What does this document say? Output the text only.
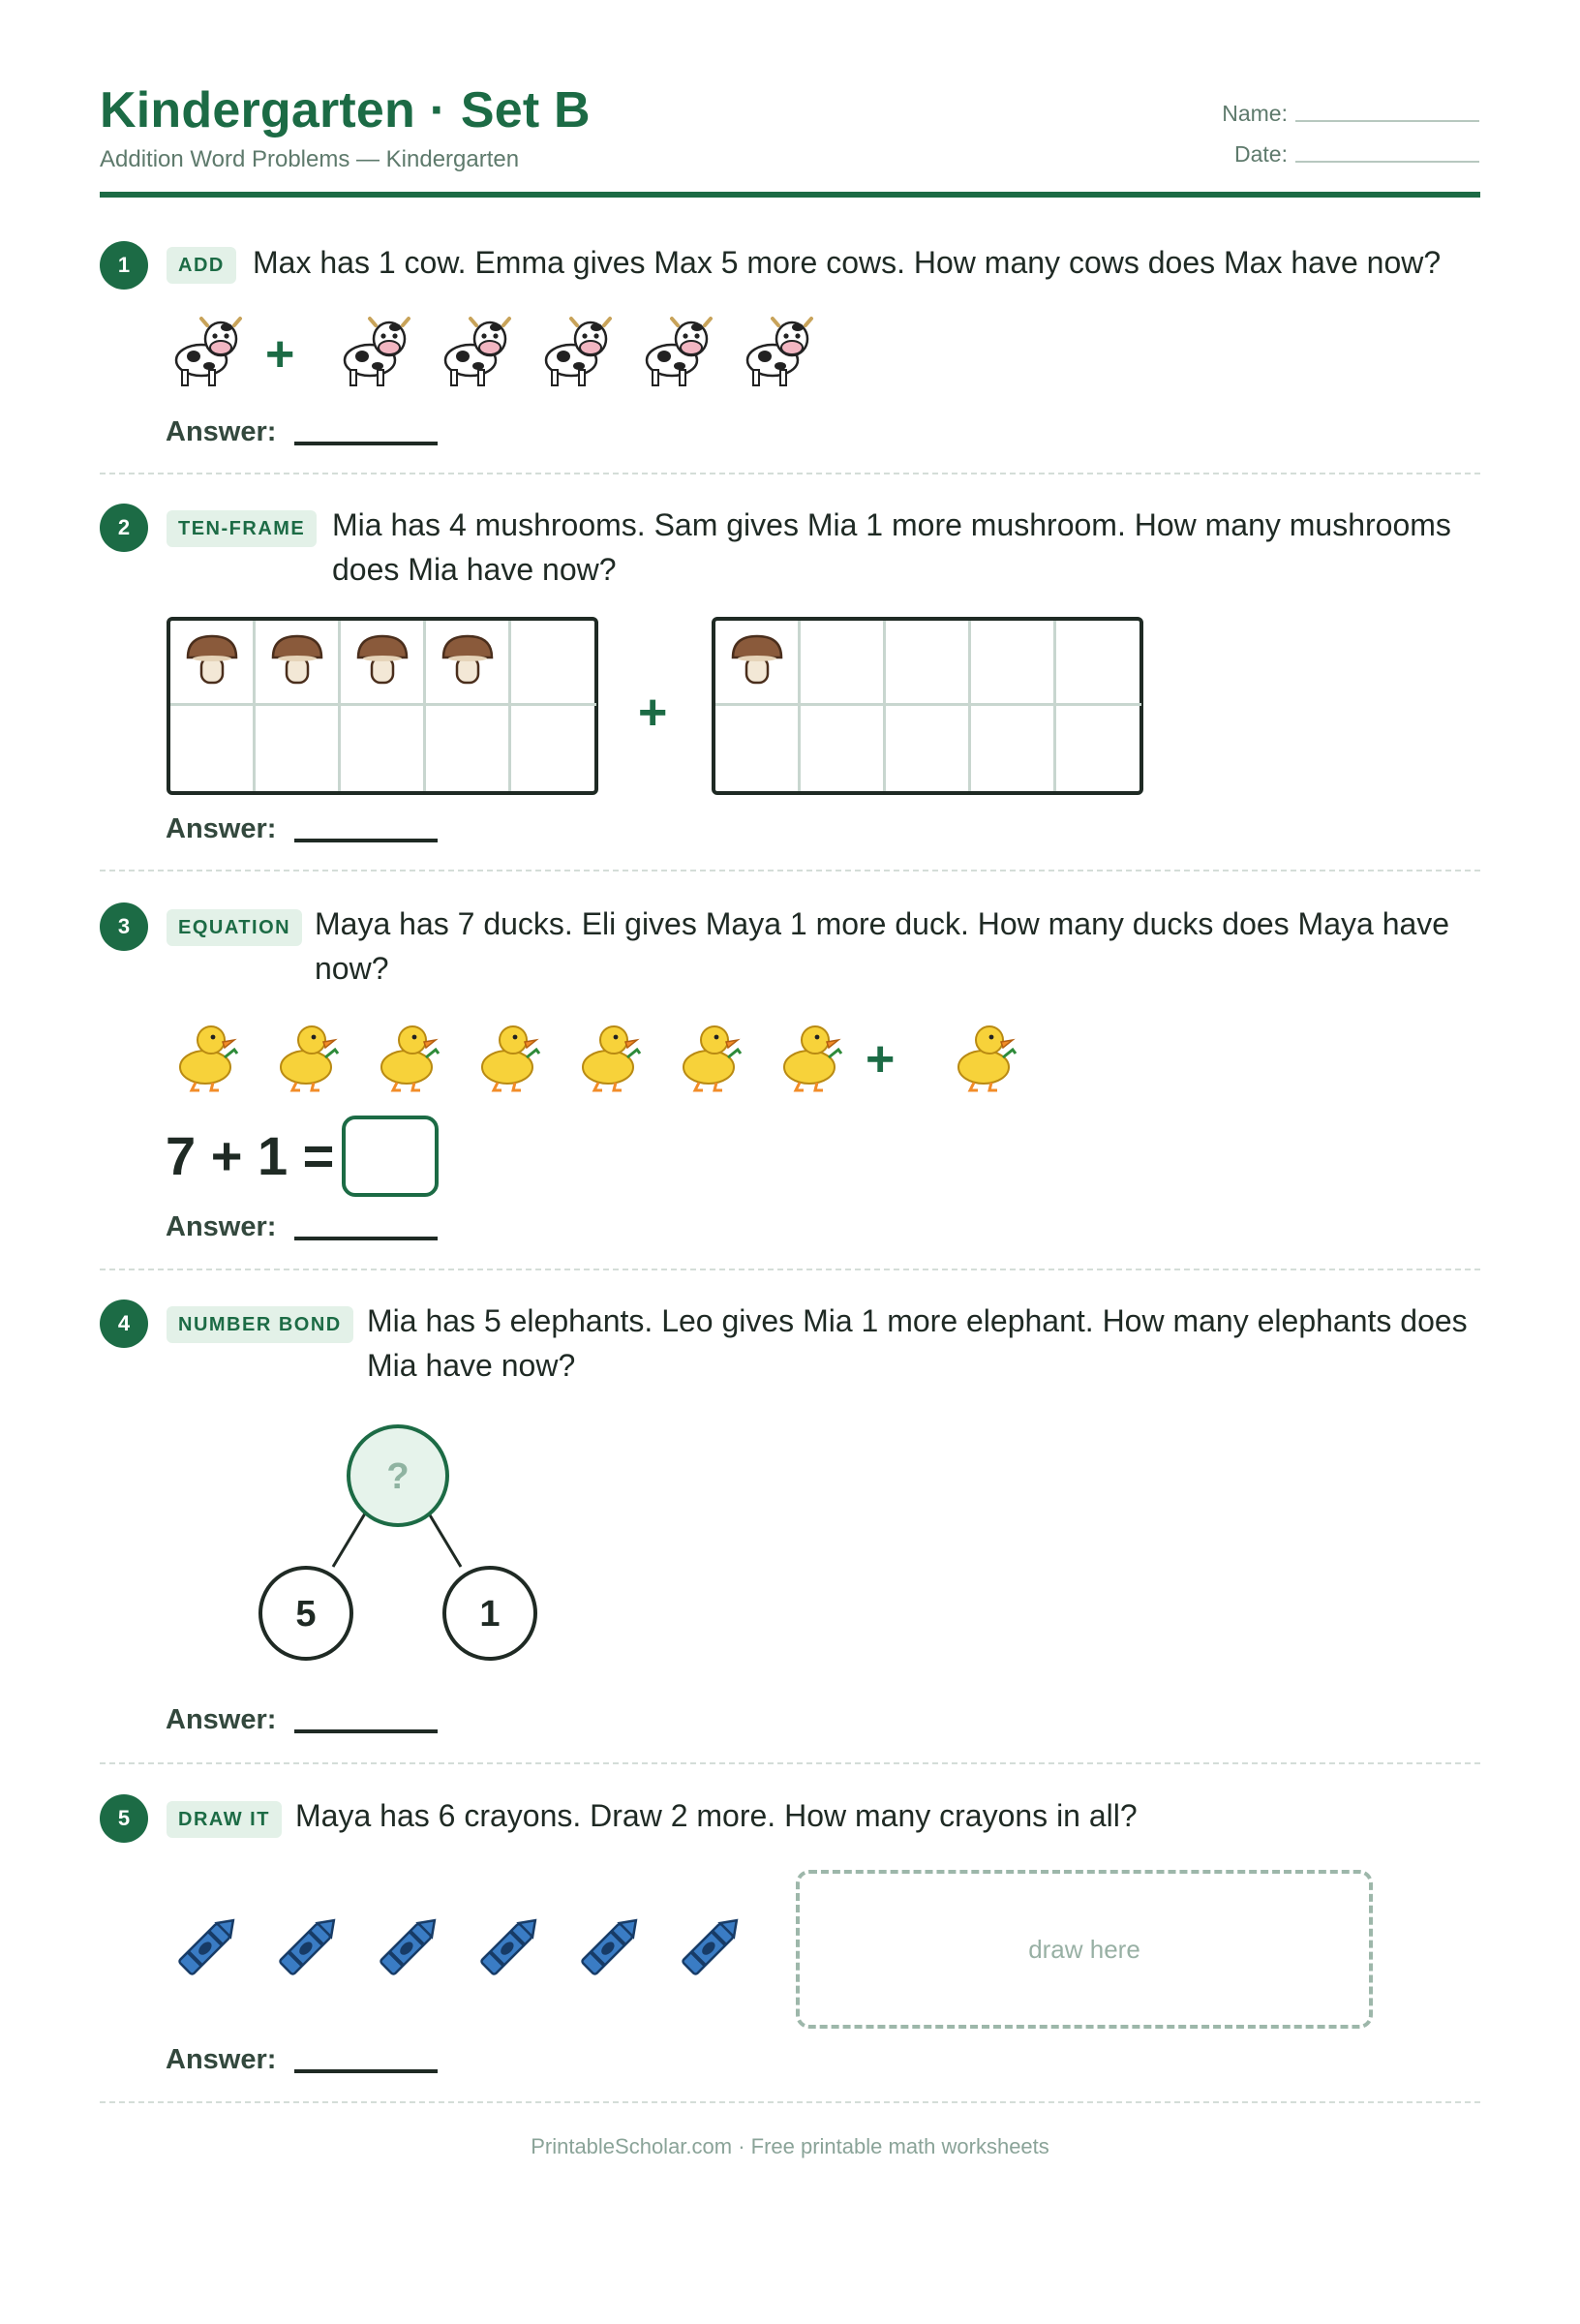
Kindergarten · Set B
Addition Word Problems — Kindergarten
Name:
Date:
1	ADD Max has 1 cow. Emma gives Max 5 more cows. How many cows does Max have now?
+
Answer:
2	TEN-FRAME Mia has 4 mushrooms. Sam gives Mia 1 more mushroom. How many mushrooms does Mia have now?
+
Answer:
3	EQUATION Maya has 7 ducks. Eli gives Maya 1 more duck. How many ducks does Maya have now?
+
7 + 1 =
Answer:
4	NUMBER BOND Mia has 5 elephants. Leo gives Mia 1 more elephant. How many elephants does Mia have now?
?
5	1
Answer:
5	DRAW IT Maya has 6 crayons. Draw 2 more. How many crayons in all?
draw here
Answer:
PrintableScholar.com · Free printable math worksheets
